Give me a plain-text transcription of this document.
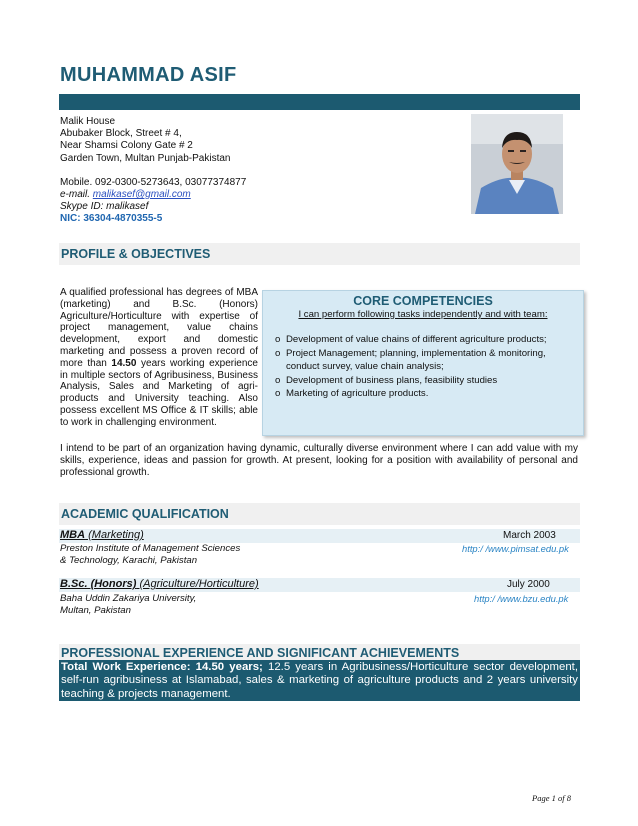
MUHAMMAD ASIF
Malik House
Abubaker Block, Street # 4,
Near Shamsi Colony Gate # 2
Garden Town, Multan Punjab-Pakistan
Mobile. 092-0300-5273643, 03077374877
e-mail. malikasef@gmail.com
Skype ID: malikasef
NIC: 36304-4870355-5
PROFILE & OBJECTIVES
A qualified professional has degrees of MBA (marketing) and B.Sc. (Honors) Agriculture/Horticulture with expertise of project management, value chains development, export and domestic marketing and possess a proven record of more than 14.50 years working experience in multiple sectors of Agribusiness, Business Analysis, Sales and Marketing of agri-products and University teaching. Also possess excellent MS Office & IT skills; able to work in challenging environment.
CORE COMPETENCIES
I can perform following tasks independently and with team:
o Development of value chains of different agriculture products;
o Project Management; planning, implementation & monitoring,
conduct survey, value chain analysis;
o Development of business plans, feasibility studies
o Marketing of agriculture products.
I intend to be part of an organization having dynamic, culturally diverse environment where I can add value with my skills, experience, ideas and passion for growth. At present, looking for a position with availability of personal and professional growth.
ACADEMIC QUALIFICATION
MBA (Marketing)	March 2003
Preston Institute of Management Sciences
& Technology, Karachi, Pakistan
http:/ /www.pimsat.edu.pk
B.Sc. (Honors) (Agriculture/Horticulture)	July 2000
Baha Uddin Zakariya University,
Multan, Pakistan
http:/ /www.bzu.edu.pk
PROFESSIONAL EXPERIENCE AND SIGNIFICANT ACHIEVEMENTS
Total Work Experience: 14.50 years; 12.5 years in Agribusiness/Horticulture sector development, self-run agribusiness at Islamabad, sales & marketing of agriculture products and 2 years university teaching & projects management.
Page 1 of 8
